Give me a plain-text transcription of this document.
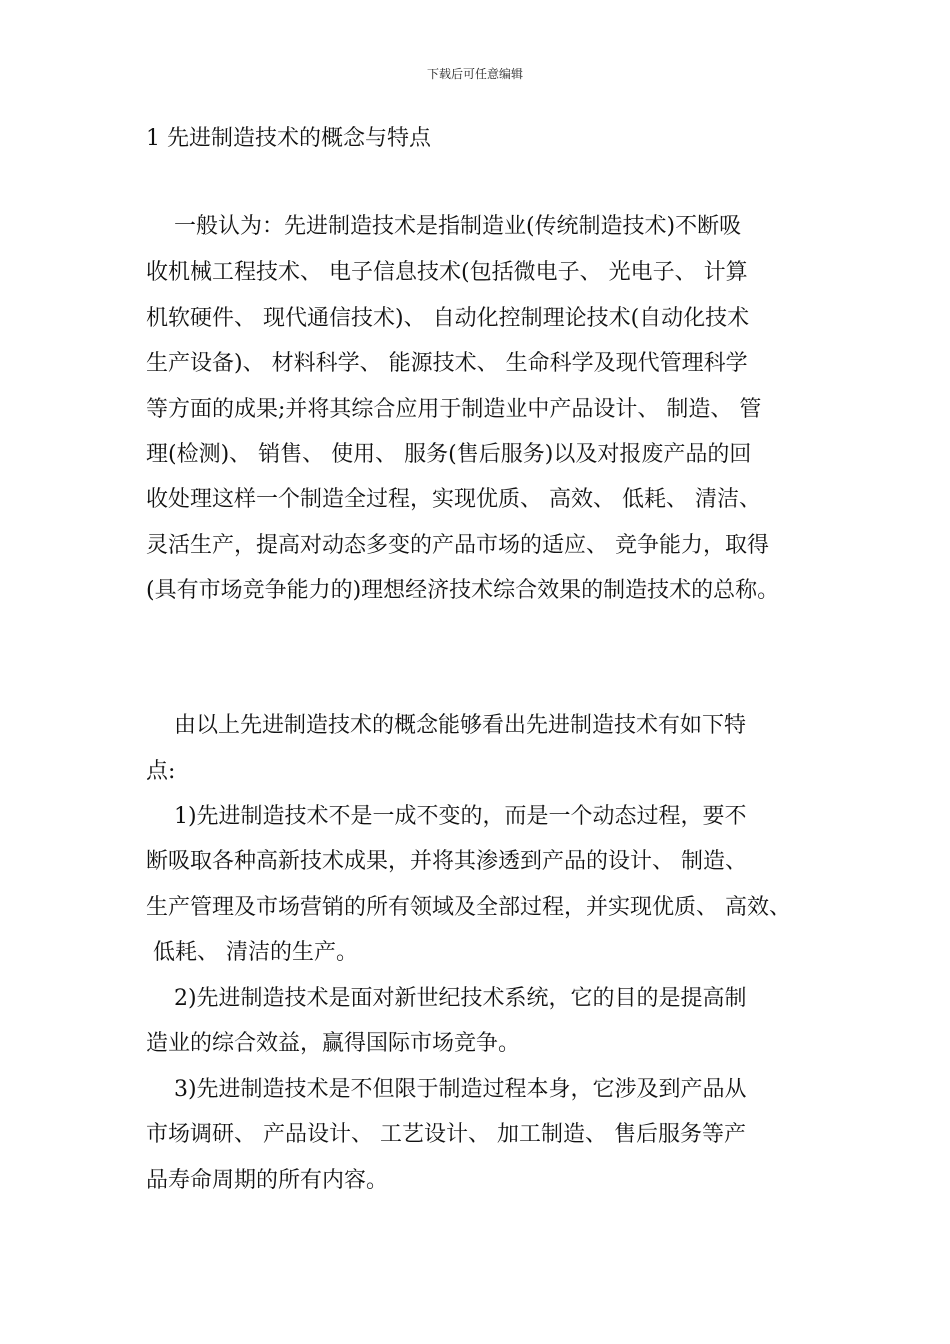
下载后可任意编辑
1 先进制造技术的概念与特点
一般认为：先进制造技术是指制造业(传统制造技术)不断吸
收机械工程技术、 电子信息技术(包括微电子、 光电子、 计算
机软硬件、 现代通信技术)、 自动化控制理论技术(自动化技术
生产设备)、 材料科学、 能源技术、 生命科学及现代管理科学
等方面的成果;并将其综合应用于制造业中产品设计、 制造、 管
理(检测)、 销售、 使用、 服务(售后服务)以及对报废产品的回
收处理这样一个制造全过程，实现优质、 高效、 低耗、 清洁、
灵活生产，提高对动态多变的产品市场的适应、 竞争能力，取得
(具有市场竞争能力的)理想经济技术综合效果的制造技术的总称。
由以上先进制造技术的概念能够看出先进制造技术有如下特
点:
1)先进制造技术不是一成不变的，而是一个动态过程，要不
断吸取各种高新技术成果，并将其渗透到产品的设计、 制造、
生产管理及市场营销的所有领域及全部过程，并实现优质、 高效、
低耗、 清洁的生产。
2)先进制造技术是面对新世纪技术系统，它的目的是提高制
造业的综合效益，赢得国际市场竞争。
3)先进制造技术是不但限于制造过程本身，它涉及到产品从
市场调研、 产品设计、 工艺设计、 加工制造、 售后服务等产
品寿命周期的所有内容。
